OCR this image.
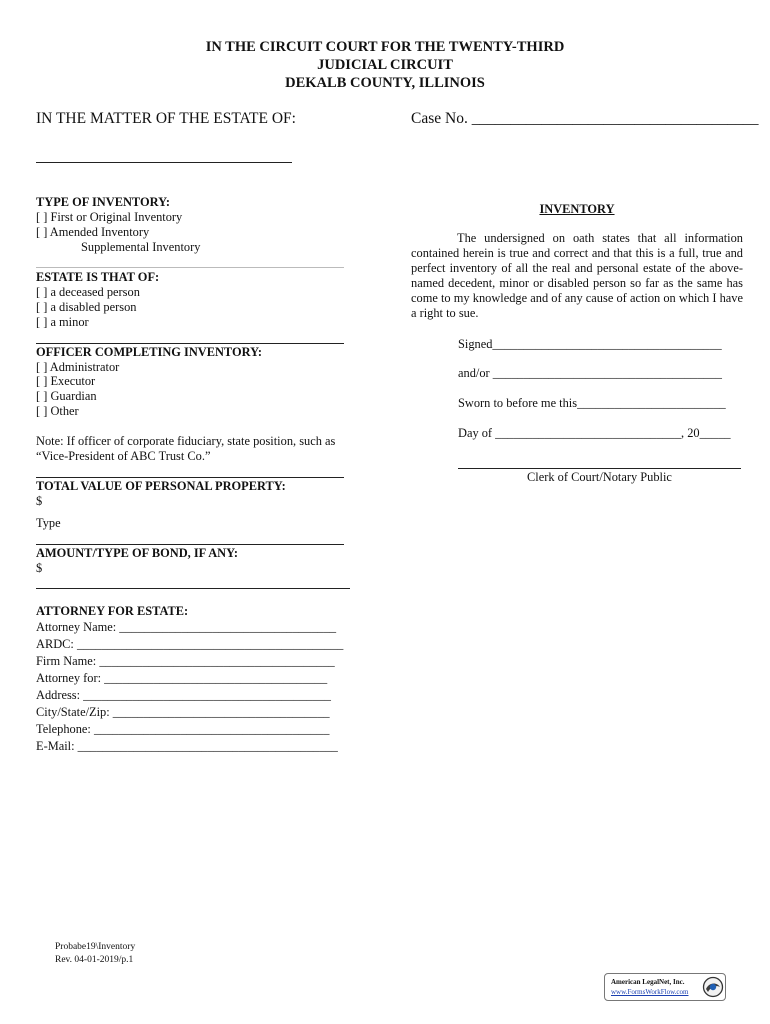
IN THE CIRCUIT COURT FOR THE TWENTY-THIRD
JUDICIAL CIRCUIT
DEKALB COUNTY, ILLINOIS
IN THE MATTER OF THE ESTATE OF:	Case No. _____________________________________
TYPE OF INVENTORY:
[ ] First or Original Inventory
[ ] Amended Inventory
Supplemental Inventory
ESTATE IS THAT OF:
[ ] a deceased person
[ ] a disabled person
[ ] a minor
OFFICER COMPLETING INVENTORY:
[ ] Administrator
[ ] Executor
[ ] Guardian
[ ] Other
Note: If officer of corporate fiduciary, state position, such as
“Vice-President of ABC Trust Co.”
TOTAL VALUE OF PERSONAL PROPERTY:
$
Type
AMOUNT/TYPE OF BOND, IF ANY:
$
ATTORNEY FOR ESTATE:
Attorney Name: ___________________________________
ARDC: ___________________________________________
Firm Name: ______________________________________
Attorney for: ____________________________________
Address: ________________________________________
City/State/Zip: ___________________________________
Telephone: ______________________________________
E-Mail: __________________________________________
INVENTORY
The undersigned on oath states that all information contained herein is true and correct and that this is a full, true and perfect inventory of all the real and personal estate of the above-named decedent, minor or disabled person so far as the same has come to my knowledge and of any cause of action on which I have a right to sue.
Signed_____________________________________
and/or _____________________________________
Sworn to before me this________________________
Day of ______________________________, 20_____
Clerk of Court/Notary Public
Probabe19\Inventory
Rev. 04-01-2019/p.1
American LegalNet, Inc.
www.FormsWorkFlow.com
